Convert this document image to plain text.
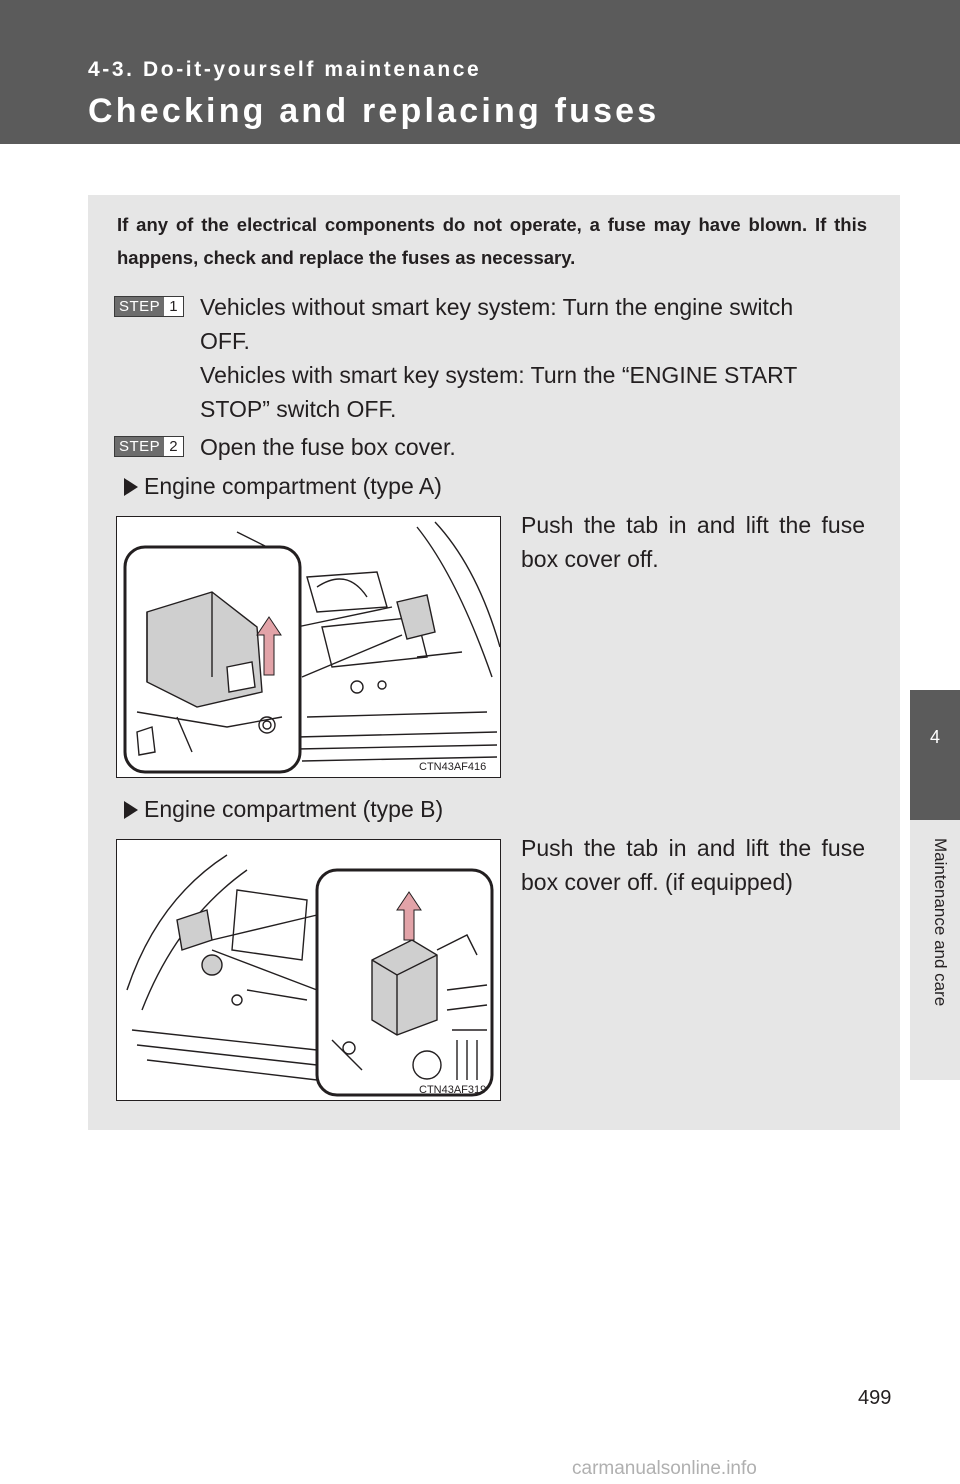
4-3. Do-it-yourself maintenance
Checking and replacing fuses
4
Maintenance and care
If any of the electrical components do not operate, a fuse may have blown. If this happens, check and replace the fuses as necessary.
STEP 1 Vehicles without smart key system: Turn the engine switch
OFF.
Vehicles with smart key system: Turn the “ENGINE START
STOP” switch OFF.
STEP 2 Open the fuse box cover.
Engine compartment (type A)
CTN43AF416
Push the tab in and lift the fuse box cover off.
Engine compartment (type B)
CTN43AF319
Push the tab in and lift the fuse box cover off. (if equipped)
499
carmanualsonline.info
